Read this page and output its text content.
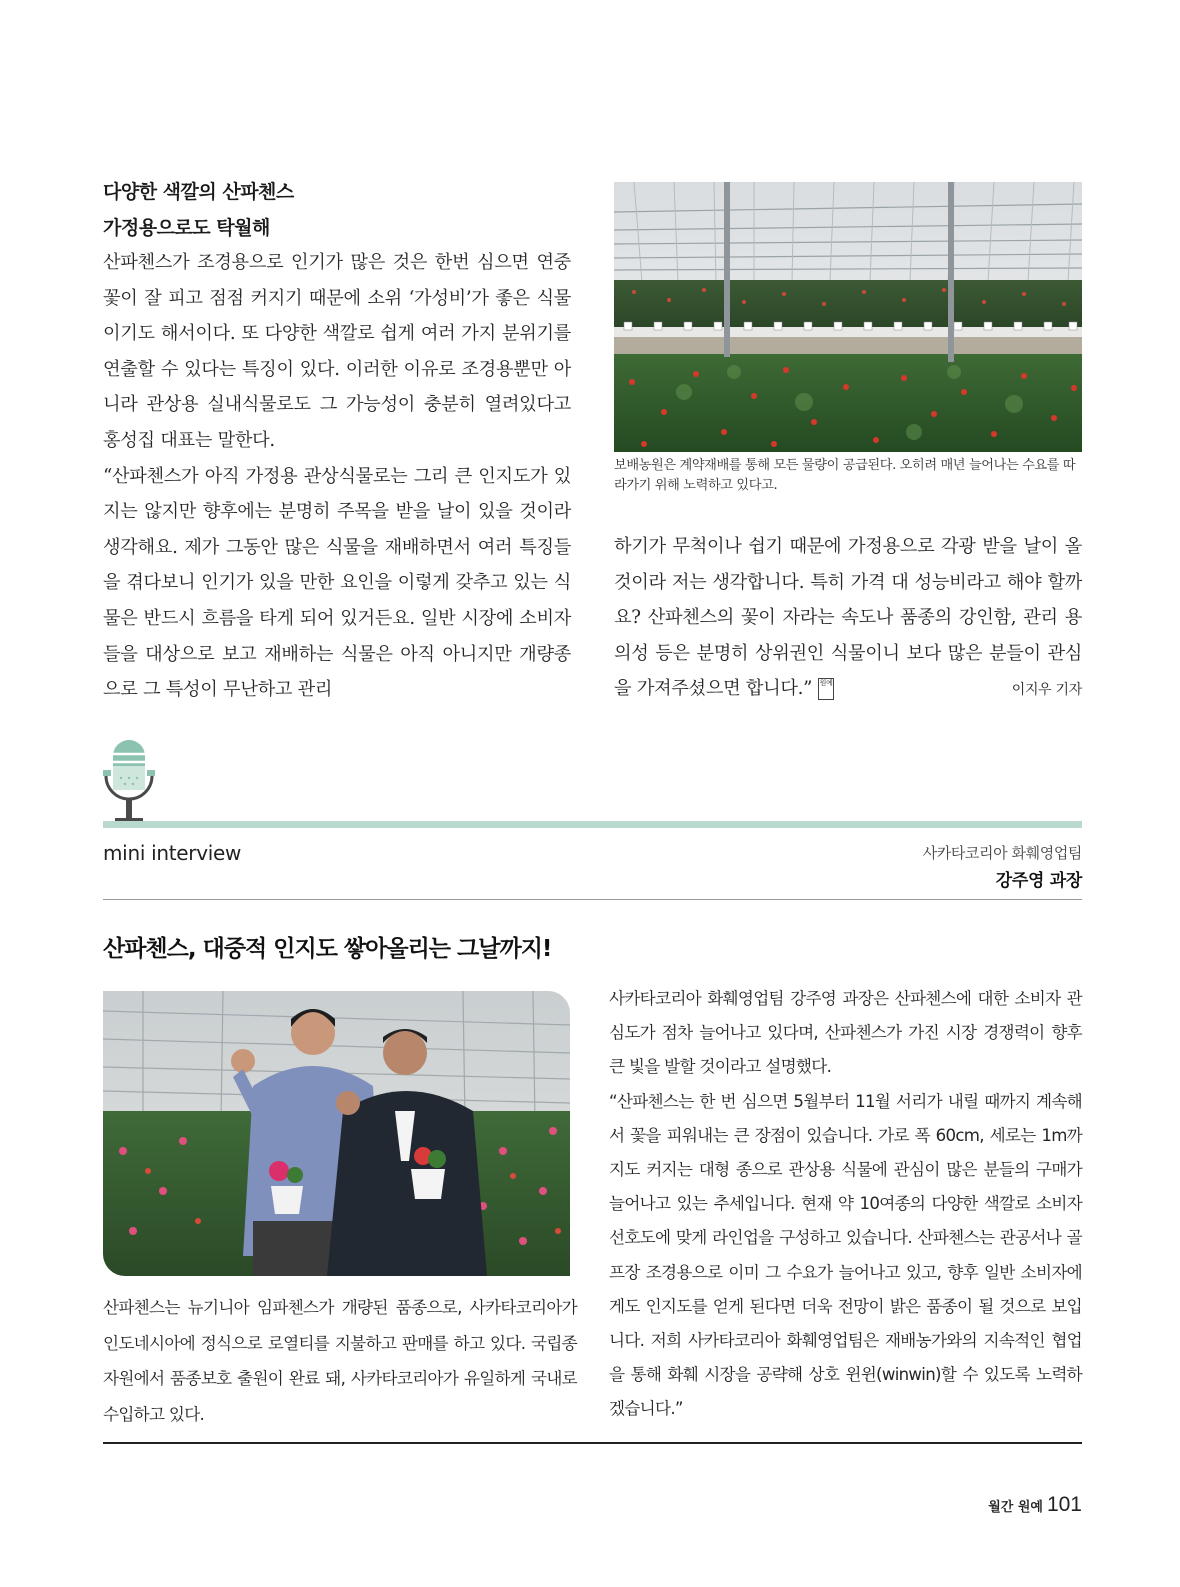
다양한 색깔의 산파첸스
가정용으로도 탁월해

산파첸스가 조경용으로 인기가 많은 것은 한번 심으면 연중 꽃이 잘 피고 점점 커지기 때문에 소위 ‘가성비’가 좋은 식물이기도 해서이다. 또 다양한 색깔로 쉽게 여러 가지 분위기를 연출할 수 있다는 특징이 있다. 이러한 이유로 조경용뿐만 아니라 관상용 실내식물로도 그 가능성이 충분히 열려있다고 홍성집 대표는 말한다.

“산파첸스가 아직 가정용 관상식물로는 그리 큰 인지도가 있지는 않지만 향후에는 분명히 주목을 받을 날이 있을 것이라 생각해요. 제가 그동안 많은 식물을 재배하면서 여러 특징들을 겪다보니 인기가 있을 만한 요인을 이렇게 갖추고 있는 식물은 반드시 흐름을 타게 되어 있거든요. 일반 시장에 소비자들을 대상으로 보고 재배하는 식물은 아직 아니지만 개량종으로 그 특성이 무난하고 관리

보배농원은 계약재배를 통해 모든 물량이 공급된다. 오히려 매년 늘어나는 수요를 따라가기 위해 노력하고 있다고.
하기가 무척이나 쉽기 때문에 가정용으로 각광 받을 날이 올 것이라 저는 생각합니다. 특히 가격 대 성능비라고 해야 할까요? 산파첸스의 꽃이 자라는 속도나 품종의 강인함, 관리 용의성 등은 분명히 상위권인 식물이니 보다 많은 분들이 관심을 가져주셨으면 합니다.” 원예	이지우 기자
mini interview	사카타코리아 화훼영업팀
강주영 과장
산파첸스, 대중적 인지도 쌓아올리는 그날까지!
산파첸스는 뉴기니아 임파첸스가 개량된 품종으로, 사카타코리아가 인도네시아에 정식으로 로열티를 지불하고 판매를 하고 있다. 국립종자원에서 품종보호 출원이 완료 돼, 사카타코리아가 유일하게 국내로 수입하고 있다.

사카타코리아 화훼영업팀 강주영 과장은 산파첸스에 대한 소비자 관심도가 점차 늘어나고 있다며, 산파첸스가 가진 시장 경쟁력이 향후 큰 빛을 발할 것이라고 설명했다.

“산파첸스는 한 번 심으면 5월부터 11월 서리가 내릴 때까지 계속해서 꽃을 피워내는 큰 장점이 있습니다. 가로 폭 60cm, 세로는 1m까지도 커지는 대형 종으로 관상용 식물에 관심이 많은 분들의 구매가 늘어나고 있는 추세입니다. 현재 약 10여종의 다양한 색깔로 소비자 선호도에 맞게 라인업을 구성하고 있습니다. 산파첸스는 관공서나 골프장 조경용으로 이미 그 수요가 늘어나고 있고, 향후 일반 소비자에게도 인지도를 얻게 된다면 더욱 전망이 밝은 품종이 될 것으로 보입니다. 저희 사카타코리아 화훼영업팀은 재배농가와의 지속적인 협업을 통해 화훼 시장을 공략해 상호 윈윈(winwin)할 수 있도록 노력하겠습니다.”

월간 원예 101
